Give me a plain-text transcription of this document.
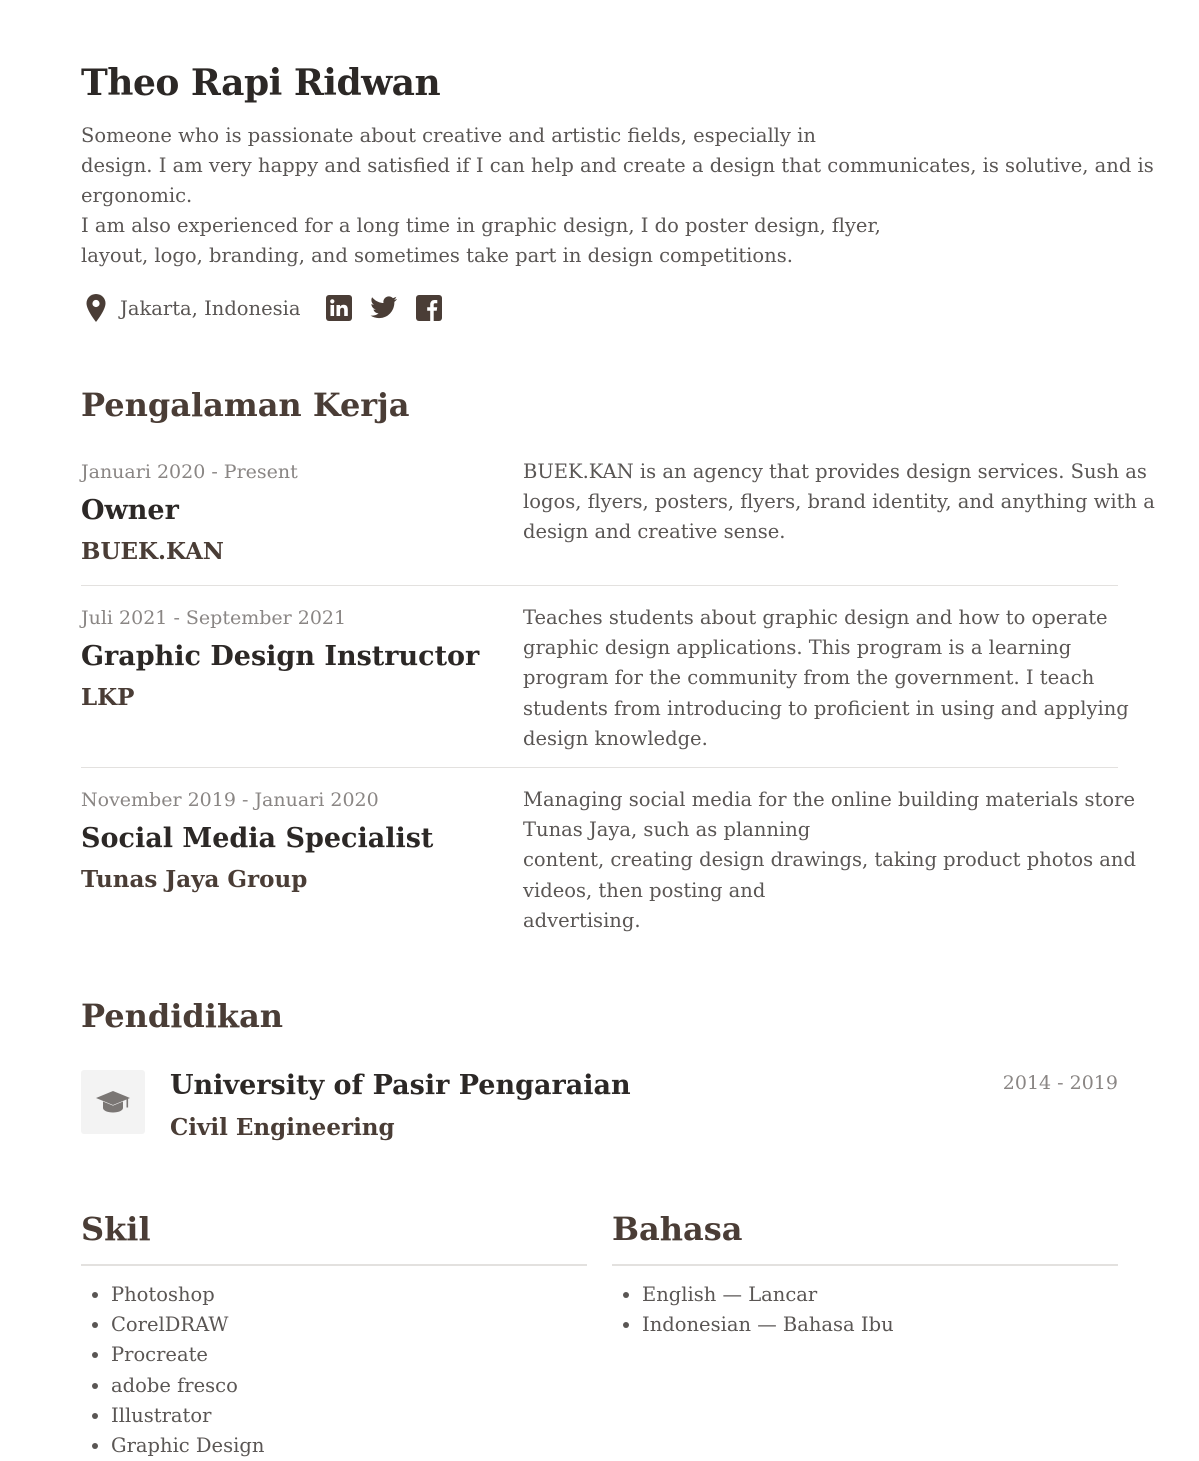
Theo Rapi Ridwan
Someone who is passionate about creative and artistic fields, especially in
design. I am very happy and satisfied if I can help and create a design that communicates, is solutive, and is
ergonomic.
I am also experienced for a long time in graphic design, I do poster design, flyer,
layout, logo, branding, and sometimes take part in design competitions.
Jakarta, Indonesia
Pengalaman Kerja
Januari 2020 - Present
Owner
BUEK.KAN
BUEK.KAN is an agency that provides design services. Sush as
logos, flyers, posters, flyers, brand identity, and anything with a
design and creative sense.
Juli 2021 - September 2021
Graphic Design Instructor
LKP
Teaches students about graphic design and how to operate
graphic design applications. This program is a learning
program for the community from the government. I teach
students from introducing to proficient in using and applying
design knowledge.
November 2019 - Januari 2020
Social Media Specialist
Tunas Jaya Group
Managing social media for the online building materials store
Tunas Jaya, such as planning
content, creating design drawings, taking product photos and
videos, then posting and
advertising.
Pendidikan
University of Pasir Pengaraian
Civil Engineering
2014 - 2019
Skil
• Photoshop
• CorelDRAW
• Procreate
• adobe fresco
• Illustrator
• Graphic Design
Bahasa
• English — Lancar
• Indonesian — Bahasa Ibu
